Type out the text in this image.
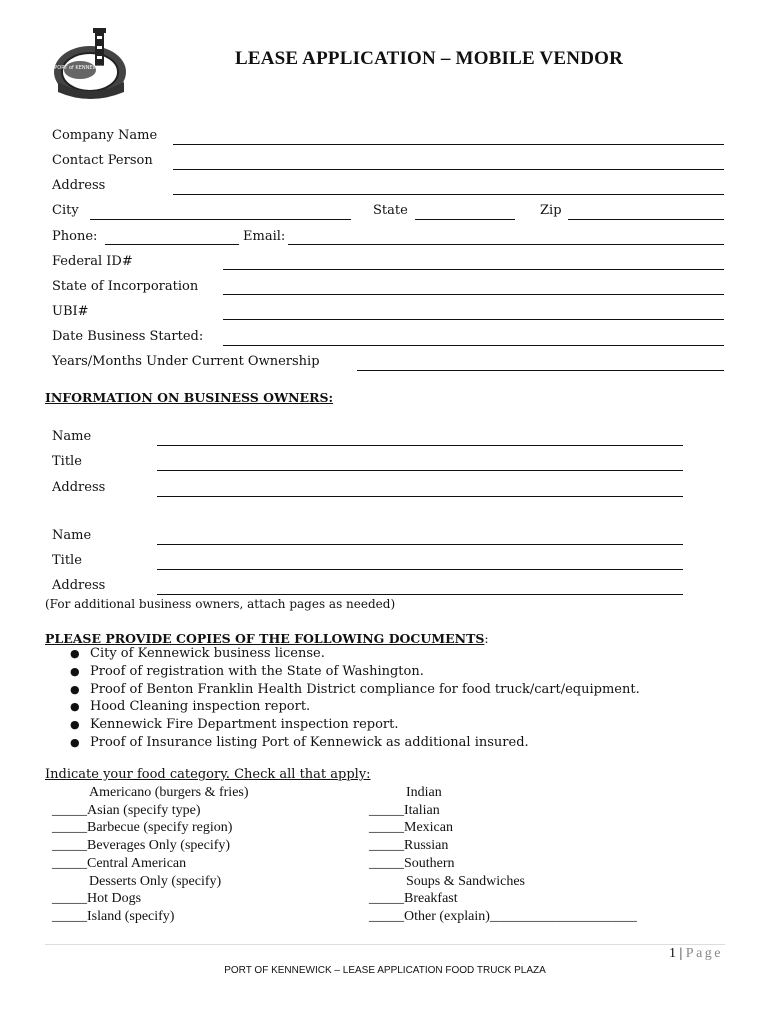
PORT of KENNEWICK	LEASE APPLICATION – MOBILE VENDOR
Company Name
Contact Person
Address
City	State	Zip
Phone:	Email:
Federal ID#
State of Incorporation
UBI#
Date Business Started:
Years/Months Under Current Ownership
INFORMATION ON BUSINESS OWNERS:
Name
Title
Address
Name
Title
Address
(For additional business owners, attach pages as needed)
PLEASE PROVIDE COPIES OF THE FOLLOWING DOCUMENTS:
● City of Kennewick business license.
● Proof of registration with the State of Washington.
● Proof of Benton Franklin Health District compliance for food truck/cart/equipment.
● Hood Cleaning inspection report.
● Kennewick Fire Department inspection report.
● Proof of Insurance listing Port of Kennewick as additional insured.
Indicate your food category. Check all that apply:
Americano (burgers & fries)
_____Asian (specify type)
_____Barbecue (specify region)
_____Beverages Only (specify)
_____Central American
Desserts Only (specify)
_____Hot Dogs
_____Island (specify)
Indian
_____Italian
_____Mexican
_____Russian
_____Southern
Soups & Sandwiches
_____Breakfast
_____Other (explain)_____________________
1 | Page
PORT OF KENNEWICK – LEASE APPLICATION FOOD TRUCK PLAZA
